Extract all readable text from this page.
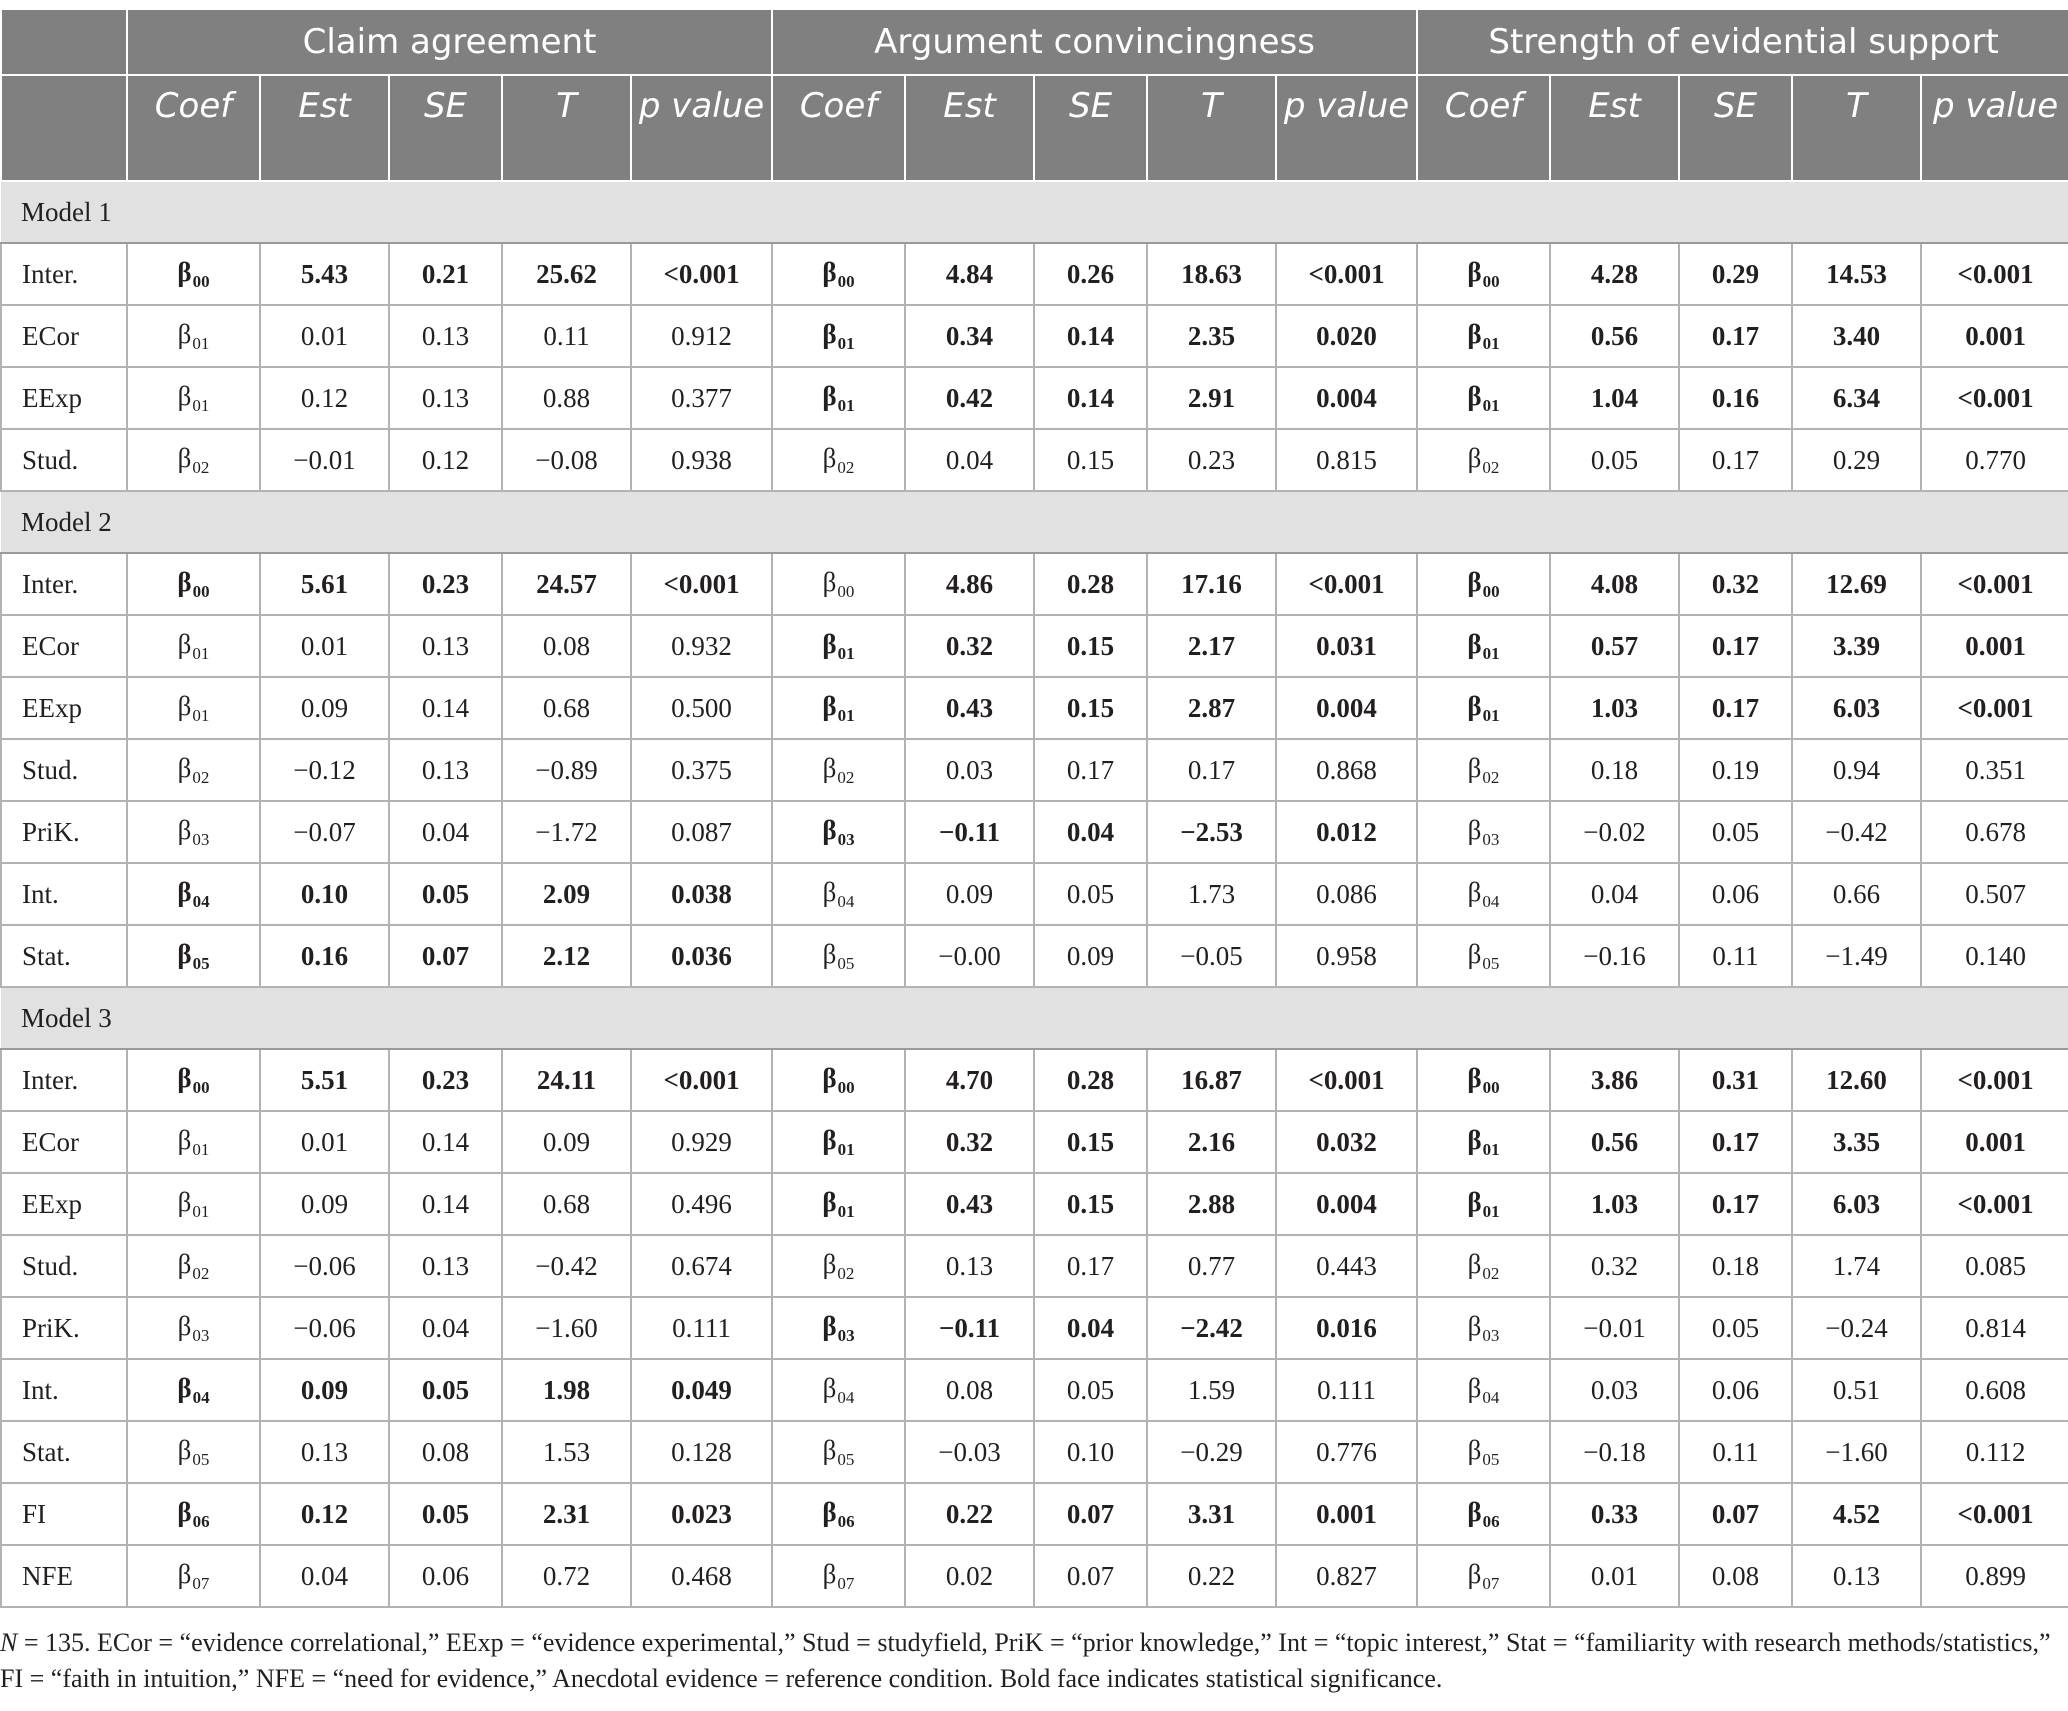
	Claim agreement					Argument convincingness					Strength of evidential support				
	Coef	Est	SE	T	p value	Coef	Est	SE	T	p value	Coef	Est	SE	T	p value
Model 1															
Inter.	$\beta_{00}$	5.43	0.21	25.62	<0.001	$\beta_{00}$	4.84	0.26	18.63	<0.001	$\beta_{00}$	4.28	0.29	14.53	<0.001
ECor	$\beta_{01}$	0.01	0.13	0.11	0.912	$\beta_{01}$	0.34	0.14	2.35	0.020	$\beta_{01}$	0.56	0.17	3.40	0.001
EExp	$\beta_{01}$	0.12	0.13	0.88	0.377	$\beta_{01}$	0.42	0.14	2.91	0.004	$\beta_{01}$	1.04	0.16	6.34	<0.001
Stud.	$\beta_{02}$	−0.01	0.12	−0.08	0.938	$\beta_{02}$	0.04	0.15	0.23	0.815	$\beta_{02}$	0.05	0.17	0.29	0.770
Model 2															
Inter.	$\beta_{00}$	5.61	0.23	24.57	<0.001	$\beta_{00}$	4.86	0.28	17.16	<0.001	$\beta_{00}$	4.08	0.32	12.69	<0.001
ECor	$\beta_{01}$	0.01	0.13	0.08	0.932	$\beta_{01}$	0.32	0.15	2.17	0.031	$\beta_{01}$	0.57	0.17	3.39	0.001
EExp	$\beta_{01}$	0.09	0.14	0.68	0.500	$\beta_{01}$	0.43	0.15	2.87	0.004	$\beta_{01}$	1.03	0.17	6.03	<0.001
Stud.	$\beta_{02}$	−0.12	0.13	−0.89	0.375	$\beta_{02}$	0.03	0.17	0.17	0.868	$\beta_{02}$	0.18	0.19	0.94	0.351
PriK.	$\beta_{03}$	−0.07	0.04	−1.72	0.087	$\beta_{03}$	−0.11	0.04	−2.53	0.012	$\beta_{03}$	−0.02	0.05	−0.42	0.678
Int.	$\beta_{04}$	0.10	0.05	2.09	0.038	$\beta_{04}$	0.09	0.05	1.73	0.086	$\beta_{04}$	0.04	0.06	0.66	0.507
Stat.	$\beta_{05}$	0.16	0.07	2.12	0.036	$\beta_{05}$	−0.00	0.09	−0.05	0.958	$\beta_{05}$	−0.16	0.11	−1.49	0.140
Model 3															
Inter.	$\beta_{00}$	5.51	0.23	24.11	<0.001	$\beta_{00}$	4.70	0.28	16.87	<0.001	$\beta_{00}$	3.86	0.31	12.60	<0.001
ECor	$\beta_{01}$	0.01	0.14	0.09	0.929	$\beta_{01}$	0.32	0.15	2.16	0.032	$\beta_{01}$	0.56	0.17	3.35	0.001
EExp	$\beta_{01}$	0.09	0.14	0.68	0.496	$\beta_{01}$	0.43	0.15	2.88	0.004	$\beta_{01}$	1.03	0.17	6.03	<0.001
Stud.	$\beta_{02}$	−0.06	0.13	−0.42	0.674	$\beta_{02}$	0.13	0.17	0.77	0.443	$\beta_{02}$	0.32	0.18	1.74	0.085
PriK.	$\beta_{03}$	−0.06	0.04	−1.60	0.111	$\beta_{03}$	−0.11	0.04	−2.42	0.016	$\beta_{03}$	−0.01	0.05	−0.24	0.814
Int.	$\beta_{04}$	0.09	0.05	1.98	0.049	$\beta_{04}$	0.08	0.05	1.59	0.111	$\beta_{04}$	0.03	0.06	0.51	0.608
Stat.	$\beta_{05}$	0.13	0.08	1.53	0.128	$\beta_{05}$	−0.03	0.10	−0.29	0.776	$\beta_{05}$	−0.18	0.11	−1.60	0.112
FI	$\beta_{06}$	0.12	0.05	2.31	0.023	$\beta_{06}$	0.22	0.07	3.31	0.001	$\beta_{06}$	0.33	0.07	4.52	<0.001
NFE	$\beta_{07}$	0.04	0.06	0.72	0.468	$\beta_{07}$	0.02	0.07	0.22	0.827	$\beta_{07}$	0.01	0.08	0.13	0.899
N = 135. ECor = “evidence correlational,” EExp = “evidence experimental,” Stud = studyfield, PriK = “prior knowledge,” Int = “topic interest,” Stat = “familiarity with research methods/statistics,”
FI = “faith in intuition,” NFE = “need for evidence,” Anecdotal evidence = reference condition. Bold face indicates statistical significance.
